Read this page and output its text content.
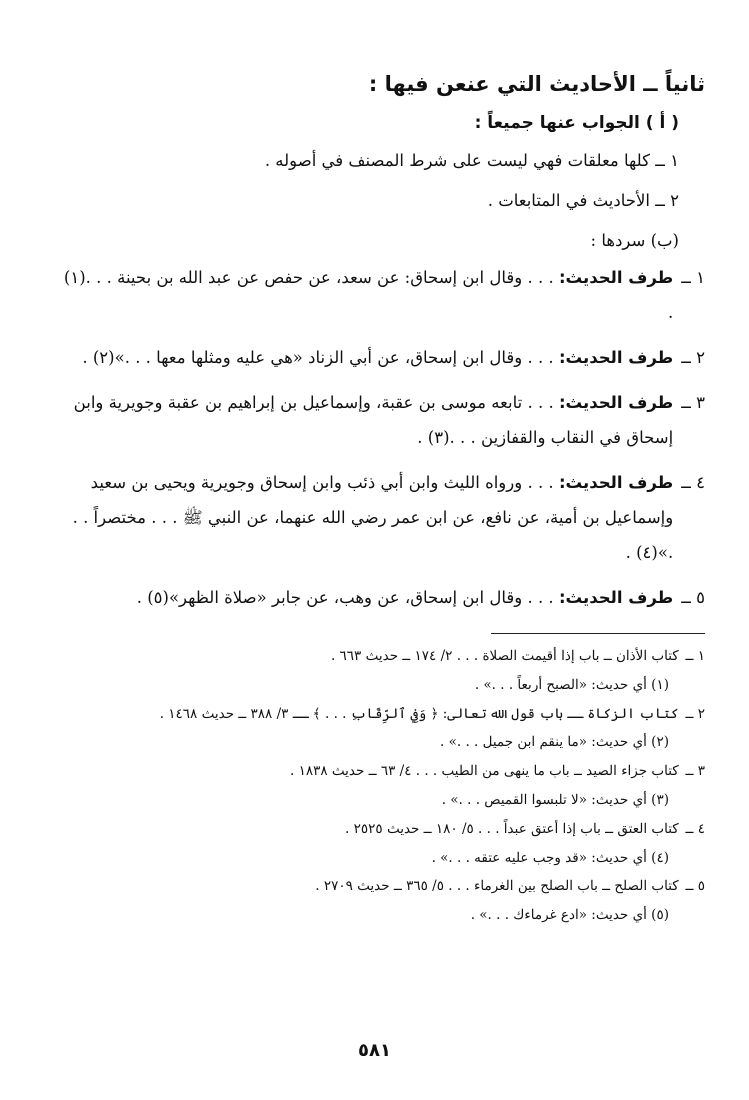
ثانياً ــ الأحاديث التي عنعن فيها :
( أ ) الجواب عنها جميعاً :
١ ــ كلها معلقات فهي ليست على شرط المصنف في أصوله .
٢ ــ الأحاديث في المتابعات .
(ب) سردها :
١ ــ
طرف الحديث: . . . وقال ابن إسحاق: عن سعد، عن حفص عن عبد الله بن بحينة . . .(١) .
٢ ــ
طرف الحديث: . . . وقال ابن إسحاق، عن أبي الزناد «هي عليه ومثلها معها . . .»(٢) .
٣ ــ
طرف الحديث: . . . تابعه موسى بن عقبة، وإسماعيل بن إبراهيم بن عقبة وجويرية وابن إسحاق في النقاب والقفازين . . .(٣) .
٤ ــ
طرف الحديث: . . . ورواه الليث وابن أبي ذئب وابن إسحاق وجويرية ويحيى بن سعيد وإسماعيل بن أمية، عن نافع، عن ابن عمر رضي الله عنهما، عن النبي ﷺ . . . مختصراً . . .»(٤) .
٥ ــ
طرف الحديث: . . . وقال ابن إسحاق، عن وهب، عن جابر «صلاة الظهر»(٥) .
١ ــ كتاب الأذان ــ باب إذا أقيمت الصلاة . . . ٢/ ١٧٤ ــ حديث ٦٦٣ .
(١) أي حديث: «الصبح أربعاً . . .» .
٢ ــ كتاب الزكاة ــ باب قول الله تعالى: ﴿ وَفِي ٱلرِّقَابِ . . . ﴾ ــ ٣/ ٣٨٨ ــ حديث ١٤٦٨ .
(٢) أي حديث: «ما ينقم ابن جميل . . .» .
٣ ــ كتاب جزاء الصيد ــ باب ما ينهى من الطيب . . . ٤/ ٦٣ ــ حديث ١٨٣٨ .
(٣) أي حديث: «لا تلبسوا القميص . . .» .
٤ ــ كتاب العتق ــ باب إذا أعتق عبداً . . . ٥/ ١٨٠ ــ حديث ٢٥٢٥ .
(٤) أي حديث: «قد وجب عليه عتقه . . .» .
٥ ــ كتاب الصلح ــ باب الصلح بين الغرماء . . . ٥/ ٣٦٥ ــ حديث ٢٧٠٩ .
(٥) أي حديث: «ادع غرماءك . . .» .
٥٨١
